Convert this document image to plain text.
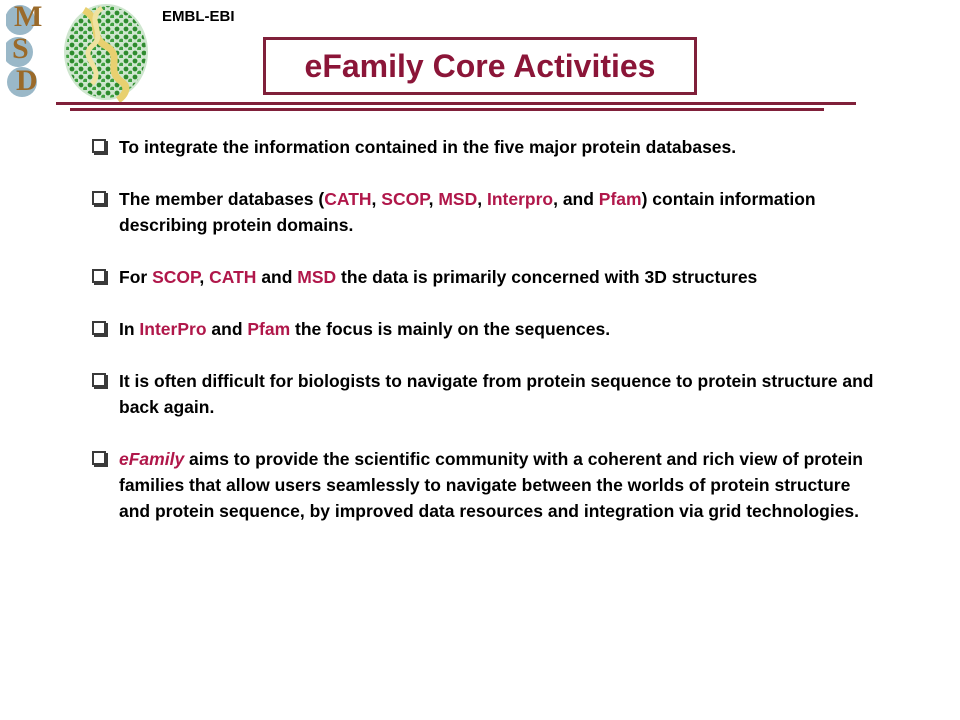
M
S
D
EMBL-EBI
eFamily Core Activities
To integrate the information contained in the five major protein databases.
The member databases (CATH, SCOP, MSD, Interpro, and Pfam) contain information describing protein domains.
For SCOP, CATH and MSD the data is primarily concerned with 3D structures
In InterPro and Pfam the focus is mainly on the sequences.
It is often difficult for biologists to navigate from protein sequence to protein structure and back again.
eFamily aims to provide the scientific community with a coherent and rich view of protein families that allow users seamlessly to navigate between the worlds of protein structure and protein sequence, by improved data resources and integration via grid technologies.
